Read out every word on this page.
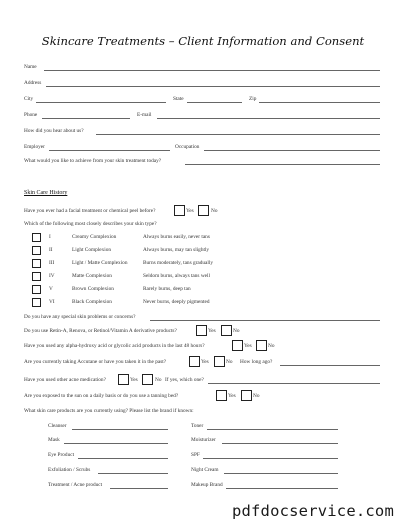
Skincare Treatments – Client Information and Consent
Name
Address
City	State	Zip
Phone	E-mail
How did you hear about us?
Employer	Occupation
What would you like to achieve from your skin treatment today?
Skin Care History
Have you ever had a facial treatment or chemical peel before?	Yes	No
Which of the following most closely describes your skin type?
I	Creamy Complexion	Always burns easily, never tans
II	Light Complexion	Always burns, may tan slightly
III	Light / Matte Complexion	Burns moderately, tans gradually
IV	Matte Complexion	Seldom burns, always tans well
V	Brown Complexion	Rarely burns, deep tan
VI	Black Complexion	Never burns, deeply pigmented
Do you have any special skin problems or concerns?
Do you use Retin-A, Renova, or Retinol/Vitamin A derivative products?	Yes	No
Have you used any alpha-hydroxy acid or glycolic acid products in the last 48 hours?	Yes	No
Are you currently taking Accutane or have you taken it in the past?	Yes	No How long ago?
Have you used other acne medication?	Yes	No If yes, which one?
Are you exposed to the sun on a daily basis or do you use a tanning bed?	Yes	No
What skin care products are you currently using? Please list the brand if known:
Cleanser	Toner
Mask	Moisturizer
Eye Product	SPF
Exfoliation / Scrubs	Night Cream
Treatment / Acne product	Makeup Brand
pdfdocservice.com
